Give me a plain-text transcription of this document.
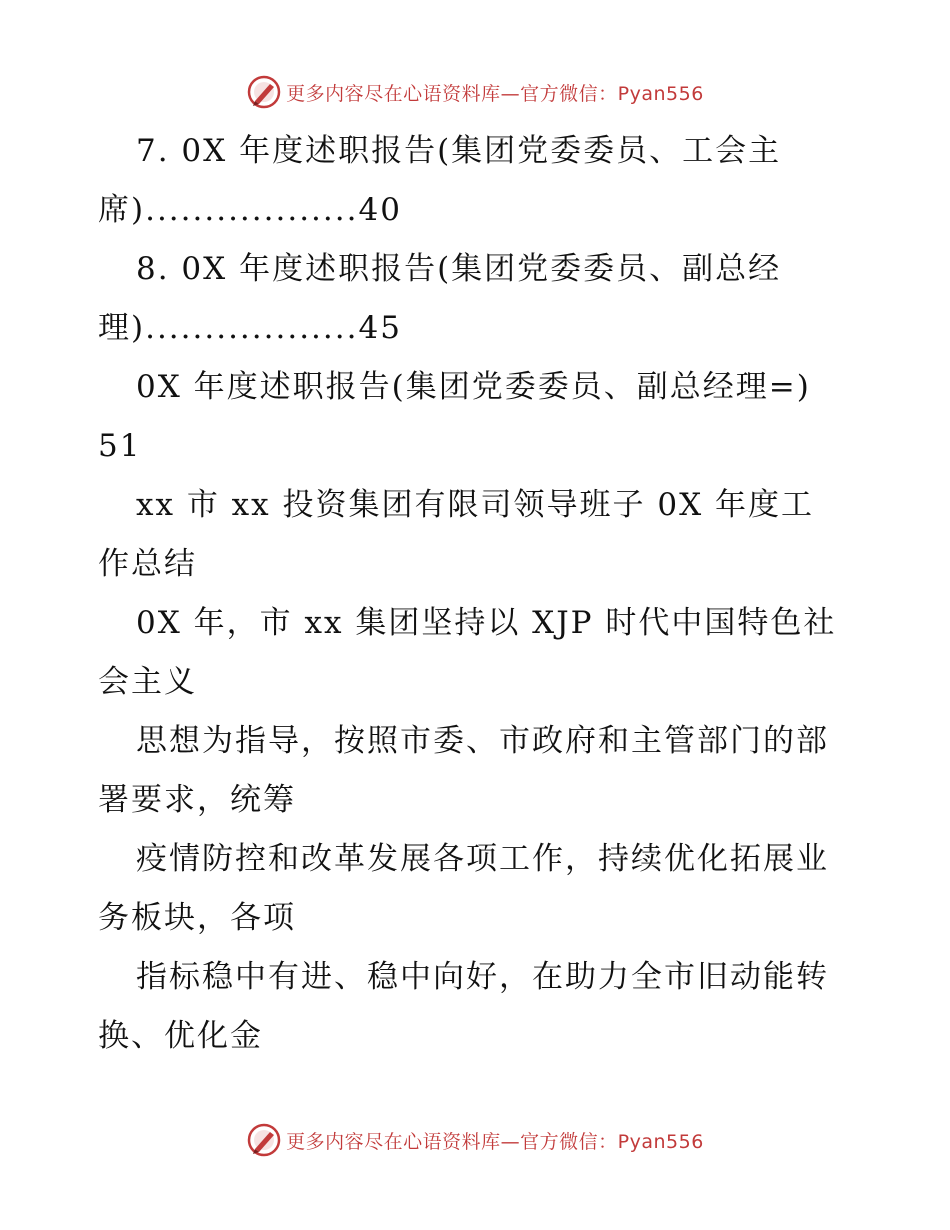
更多内容尽在心语资料库—官方微信：Pyan556
7. 0X 年度述职报告(集团党委委员、工会主
席)..................40
8. 0X 年度述职报告(集团党委委员、副总经
理)..................45
0X 年度述职报告(集团党委委员、副总经理=)
51
xx 市 xx 投资集团有限司领导班子 0X 年度工
作总结
0X 年，市 xx 集团坚持以 XJP 时代中国特色社
会主义
思想为指导，按照市委、市政府和主管部门的部
署要求，统筹
疫情防控和改革发展各项工作，持续优化拓展业
务板块，各项
指标稳中有进、稳中向好，在助力全市旧动能转
换、优化金
更多内容尽在心语资料库—官方微信：Pyan556
